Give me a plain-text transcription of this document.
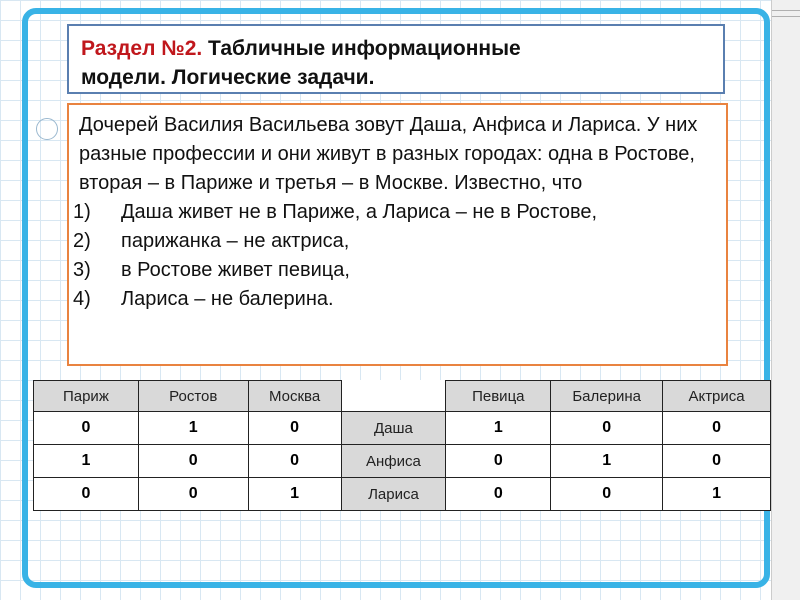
Раздел №2. Табличные информационные
модели. Логические задачи.

Дочерей Василия Васильева зовут Даша, Анфиса и Лариса. У них разные профессии и они живут в разных городах: одна в Ростове, вторая – в Париже и третья – в Москве. Известно, что

1) Даша живет не в Париже, а Лариса – не в Ростове,
2) парижанка – не актриса,
3) в Ростове живет певица,
4) Лариса – не балерина.
Париж	Ростов	Москва		Певица	Балерина	Актриса
0	1	0	Даша	1	0	0
1	0	0	Анфиса	0	1	0
0	0	1	Лариса	0	0	1
